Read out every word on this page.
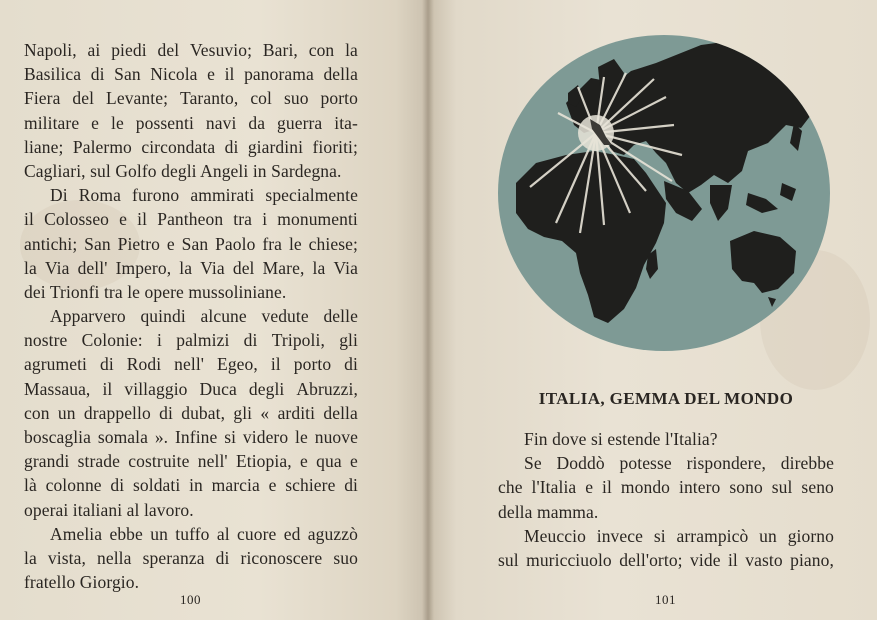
Napoli, ai piedi del Vesuvio; Bari, con la
Basilica di San Nicola e il panorama della
Fiera del Levante; Taranto, col suo porto
militare e le possenti navi da guerra ita-
liane; Palermo circondata di giardini fioriti;
Cagliari, sul Golfo degli Angeli in Sardegna.
Di Roma furono ammirati specialmente
il Colosseo e il Pantheon tra i monumenti
antichi; San Pietro e San Paolo fra le chiese;
la Via dell' Impero, la Via del Mare, la Via
dei Trionfi tra le opere mussoliniane.
Apparvero quindi alcune vedute delle
nostre Colonie: i palmizi di Tripoli, gli
agrumeti di Rodi nell' Egeo, il porto di
Massaua, il villaggio Duca degli Abruzzi,
con un drappello di dubat, gli « arditi della
boscaglia somala ». Infine si videro le nuove
grandi strade costruite nell' Etiopia, e qua e
là colonne di soldati in marcia e schiere di
operai italiani al lavoro.
Amelia ebbe un tuffo al cuore ed aguzzò
la vista, nella speranza di riconoscere suo
fratello Giorgio.
100
ITALIA, GEMMA DEL MONDO
Fin dove si estende l'Italia?
Se Doddò potesse rispondere, direbbe
che l'Italia e il mondo intero sono sul seno
della mamma.
Meuccio invece si arrampicò un giorno
sul muricciuolo dell'orto; vide il vasto piano,
101
